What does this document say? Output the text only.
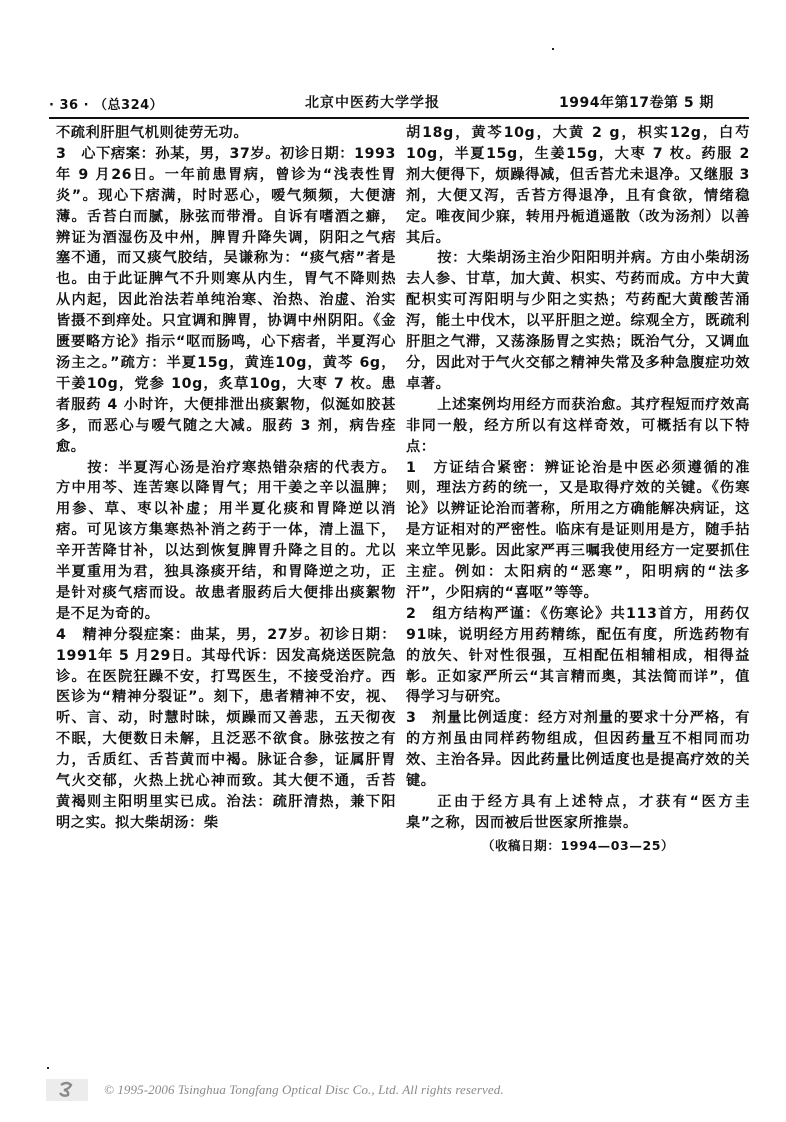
· 36 · （总324）	北京中医药大学学报	1994年第17卷第 5 期

不疏利肝胆气机则徒劳无功。

3　心下痞案：孙某，男，37岁。初诊日期：1993年 9 月26日。一年前患胃病，曾诊为“浅表性胃炎”。现心下痞满，时时恶心，嗳气频频，大便溏薄。舌苔白而腻，脉弦而带滑。自诉有嗜酒之癖，辨证为酒湿伤及中州，脾胃升降失调，阴阳之气痞塞不通，而又痰气胶结，吴谦称为：“痰气痞”者是也。由于此证脾气不升则寒从内生，胃气不降则热从内起，因此治法若单纯治寒、治热、治虚、治实皆摄不到痒处。只宜调和脾胃，协调中州阴阳。《金匮要略方论》指示“呕而肠鸣，心下痞者，半夏泻心汤主之。”疏方：半夏15g，黄连10g，黄芩 6g，干姜10g，党参 10g，炙草10g，大枣 7 枚。患者服药 4 小时许，大便排泄出痰絮物，似涎如胶甚多，而恶心与嗳气随之大减。服药 3 剂，病告痊愈。

按：半夏泻心汤是治疗寒热错杂痞的代表方。方中用芩、连苦寒以降胃气；用干姜之辛以温脾；用参、草、枣以补虚；用半夏化痰和胃降逆以消痞。可见该方集寒热补消之药于一体，清上温下，辛开苦降甘补，以达到恢复脾胃升降之目的。尤以半夏重用为君，独具涤痰开结，和胃降逆之功，正是针对痰气痞而设。故患者服药后大便排出痰絮物是不足为奇的。

4　精神分裂症案：曲某，男，27岁。初诊日期：1991年 5 月29日。其母代诉：因发高烧送医院急诊。在医院狂躁不安，打骂医生，不接受治疗。西医诊为“精神分裂证”。刻下，患者精神不安，视、听、言、动，时慧时昧，烦躁而又善悲，五天彻夜不眠，大便数日未解，且泛恶不欲食。脉弦按之有力，舌质红、舌苔黄而中褐。脉证合参，证属肝胃气火交郁，火热上扰心神而致。其大便不通，舌苔黄褐则主阳明里实已成。治法：疏肝清热，兼下阳明之实。拟大柴胡汤：柴

胡18g，黄芩10g，大黄 2 g，枳实12g，白芍10g，半夏15g，生姜15g，大枣 7 枚。药服 2 剂大便得下，烦躁得减，但舌苔尤未退净。又继服 3 剂，大便又泻，舌苔方得退净，且有食欲，情绪稳定。唯夜间少寐，转用丹栀逍遥散（改为汤剂）以善其后。

按：大柴胡汤主治少阳阳明并病。方由小柴胡汤去人参、甘草，加大黄、枳实、芍药而成。方中大黄配枳实可泻阳明与少阳之实热；芍药配大黄酸苦涌泻，能土中伐木，以平肝胆之逆。综观全方，既疏利肝胆之气滞，又荡涤肠胃之实热；既治气分，又调血分，因此对于气火交郁之精神失常及多种急腹症功效卓著。

上述案例均用经方而获治愈。其疗程短而疗效高非同一般，经方所以有这样奇效，可概括有以下特点：

1　方证结合紧密：辨证论治是中医必须遵循的准则，理法方药的统一，又是取得疗效的关键。《伤寒论》以辨证论治而著称，所用之方确能解决病证，这是方证相对的严密性。临床有是证则用是方，随手拈来立竿见影。因此家严再三嘱我使用经方一定要抓住主症。例如：太阳病的“恶寒”，阳明病的“法多汗”，少阳病的“喜呕”等等。

2　组方结构严谨：《伤寒论》共113首方，用药仅91味，说明经方用药精练，配伍有度，所选药物有的放矢、针对性很强，互相配伍相辅相成，相得益彰。正如家严所云“其言精而奥，其法简而详”，值得学习与研究。

3　剂量比例适度：经方对剂量的要求十分严格，有的方剂虽由同样药物组成，但因药量互不相同而功效、主治各异。因此药量比例适度也是提高疗效的关键。

正由于经方具有上述特点，才获有“医方圭臬”之称，因而被后世医家所推崇。

（收稿日期：1994—03—25）

© 1995-2006 Tsinghua Tongfang Optical Disc Co., Ltd. All rights reserved.
